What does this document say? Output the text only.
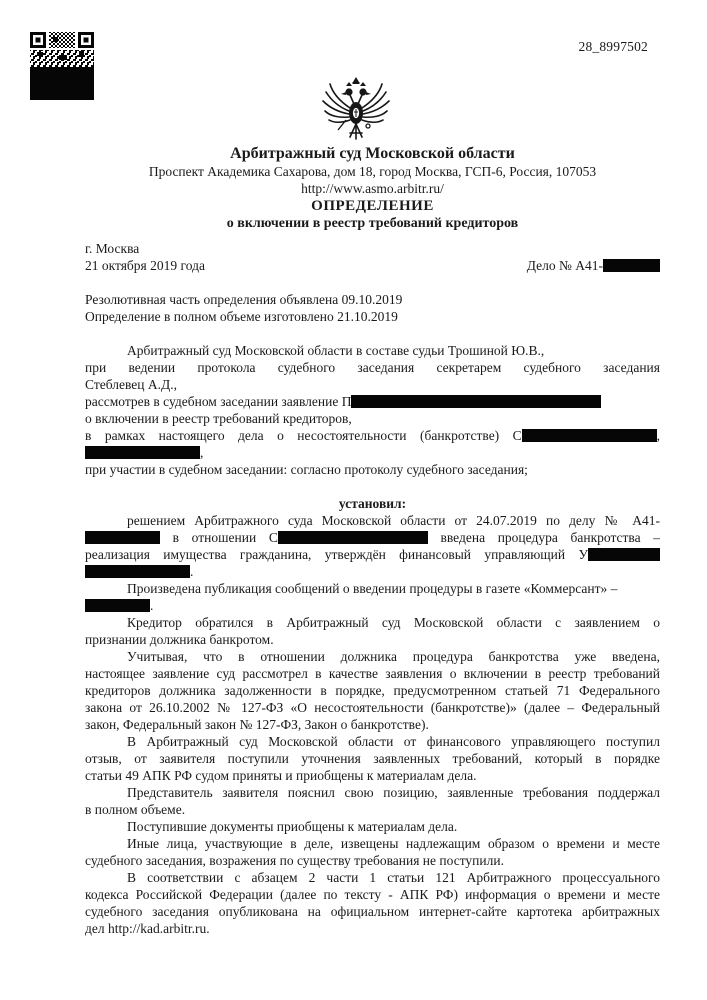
28_8997502
Арбитражный суд Московской области
Проспект Академика Сахарова, дом 18, город Москва, ГСП-6, Россия, 107053
http://www.asmo.arbitr.ru/
ОПРЕДЕЛЕНИЕ
о включении в реестр требований кредиторов
г. Москва
21 октября 2019 года	Дело № А41-
Резолютивная часть определения объявлена 09.10.2019
Определение в полном объеме изготовлено 21.10.2019
Арбитражный суд Московской области в составе судьи Трошиной Ю.В.,
при ведении протокола судебного заседания секретарем судебного заседания
Стеблевец А.Д.,
рассмотрев в судебном заседании заявление П
о включении в реестр требований кредиторов,
в рамках настоящего дела о несостоятельности (банкротстве) С	,
,
при участии в судебном заседании: согласно протоколу судебного заседания;
установил:
решением Арбитражного суда Московской области от 24.07.2019 по делу № А41-
в отношении С	введена процедура банкротства –
реализация имущества гражданина, утверждён финансовый управляющий У
.
Произведена публикация сообщений о введении процедуры в газете «Коммерсант» –
.
Кредитор обратился в Арбитражный суд Московской области с заявлением о
признании должника банкротом.
Учитывая, что в отношении должника процедура банкротства уже введена,
настоящее заявление суд рассмотрел в качестве заявления о включении в реестр требований
кредиторов должника задолженности в порядке, предусмотренном статьей 71 Федерального
закона от 26.10.2002 № 127-ФЗ «О несостоятельности (банкротстве)» (далее – Федеральный
закон, Федеральный закон № 127-ФЗ, Закон о банкротстве).
В Арбитражный суд Московской области от финансового управляющего поступил
отзыв, от заявителя поступили уточнения заявленных требований, который в порядке
статьи 49 АПК РФ судом приняты и приобщены к материалам дела.
Представитель заявителя пояснил свою позицию, заявленные требования поддержал
в полном объеме.
Поступившие документы приобщены к материалам дела.
Иные лица, участвующие в деле, извещены надлежащим образом о времени и месте
судебного заседания, возражения по существу требования не поступили.
В соответствии с абзацем 2 части 1 статьи 121 Арбитражного процессуального
кодекса Российской Федерации (далее по тексту - АПК РФ) информация о времени и месте
судебного заседания опубликована на официальном интернет-сайте картотека арбитражных
дел http://kad.arbitr.ru.
